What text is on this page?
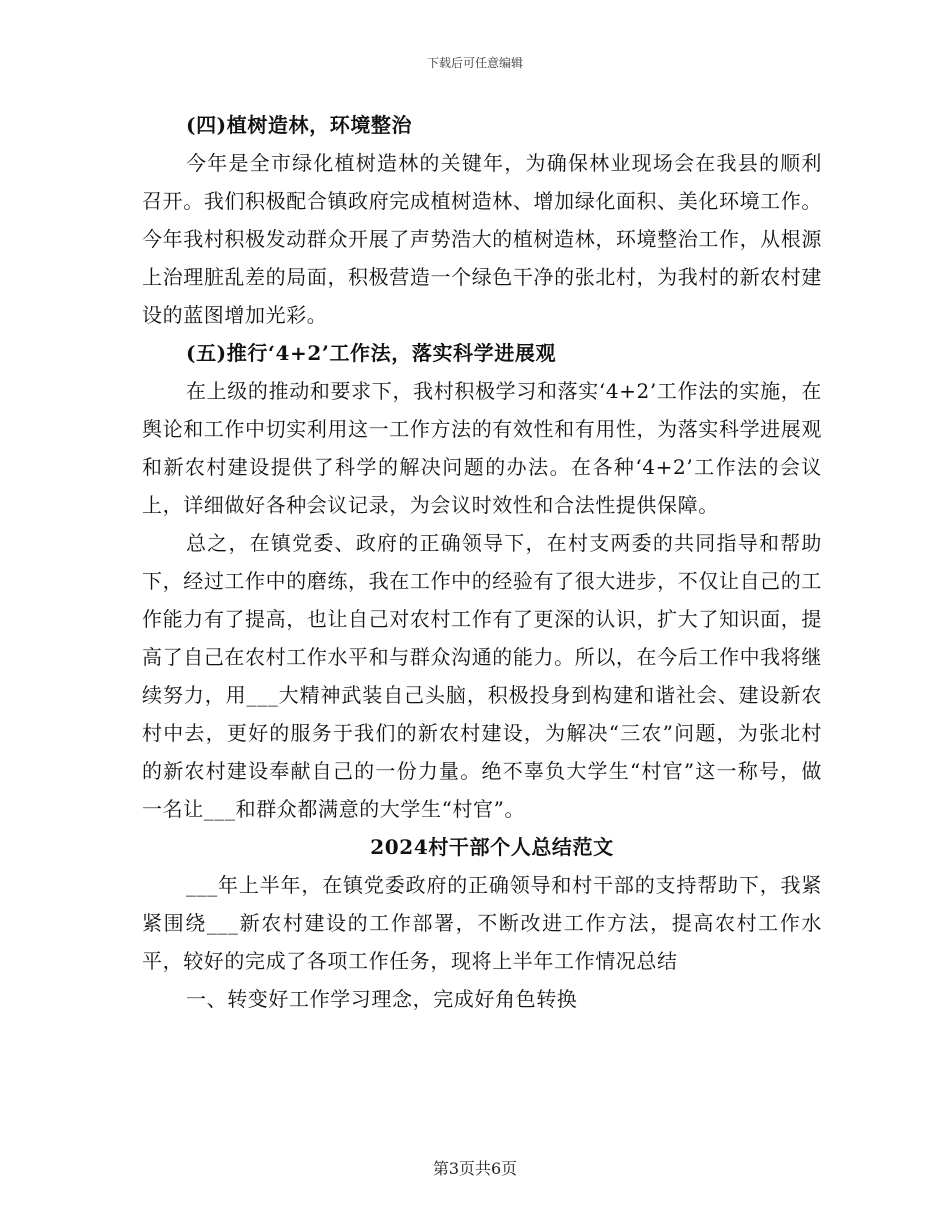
下载后可任意编辑

(四)植树造林，环境整治

今年是全市绿化植树造林的关键年，为确保林业现场会在我县的顺利召开。我们积极配合镇政府完成植树造林、增加绿化面积、美化环境工作。今年我村积极发动群众开展了声势浩大的植树造林，环境整治工作，从根源上治理脏乱差的局面，积极营造一个绿色干净的张北村，为我村的新农村建设的蓝图增加光彩。

(五)推行‘4+2’工作法，落实科学进展观

在上级的推动和要求下，我村积极学习和落实‘4+2’工作法的实施，在舆论和工作中切实利用这一工作方法的有效性和有用性，为落实科学进展观和新农村建设提供了科学的解决问题的办法。在各种‘4+2’工作法的会议上，详细做好各种会议记录，为会议时效性和合法性提供保障。

总之，在镇党委、政府的正确领导下，在村支两委的共同指导和帮助下，经过工作中的磨练，我在工作中的经验有了很大进步，不仅让自己的工作能力有了提高，也让自己对农村工作有了更深的认识，扩大了知识面，提高了自己在农村工作水平和与群众沟通的能力。所以，在今后工作中我将继续努力，用___大精神武装自己头脑，积极投身到构建和谐社会、建设新农村中去，更好的服务于我们的新农村建设，为解决“三农”问题，为张北村的新农村建设奉献自己的一份力量。绝不辜负大学生“村官”这一称号，做一名让___和群众都满意的大学生“村官”。

2024村干部个人总结范文

___年上半年，在镇党委政府的正确领导和村干部的支持帮助下，我紧紧围绕___新农村建设的工作部署，不断改进工作方法，提高农村工作水平，较好的完成了各项工作任务，现将上半年工作情况总结

一、转变好工作学习理念，完成好角色转换

第3页共6页
